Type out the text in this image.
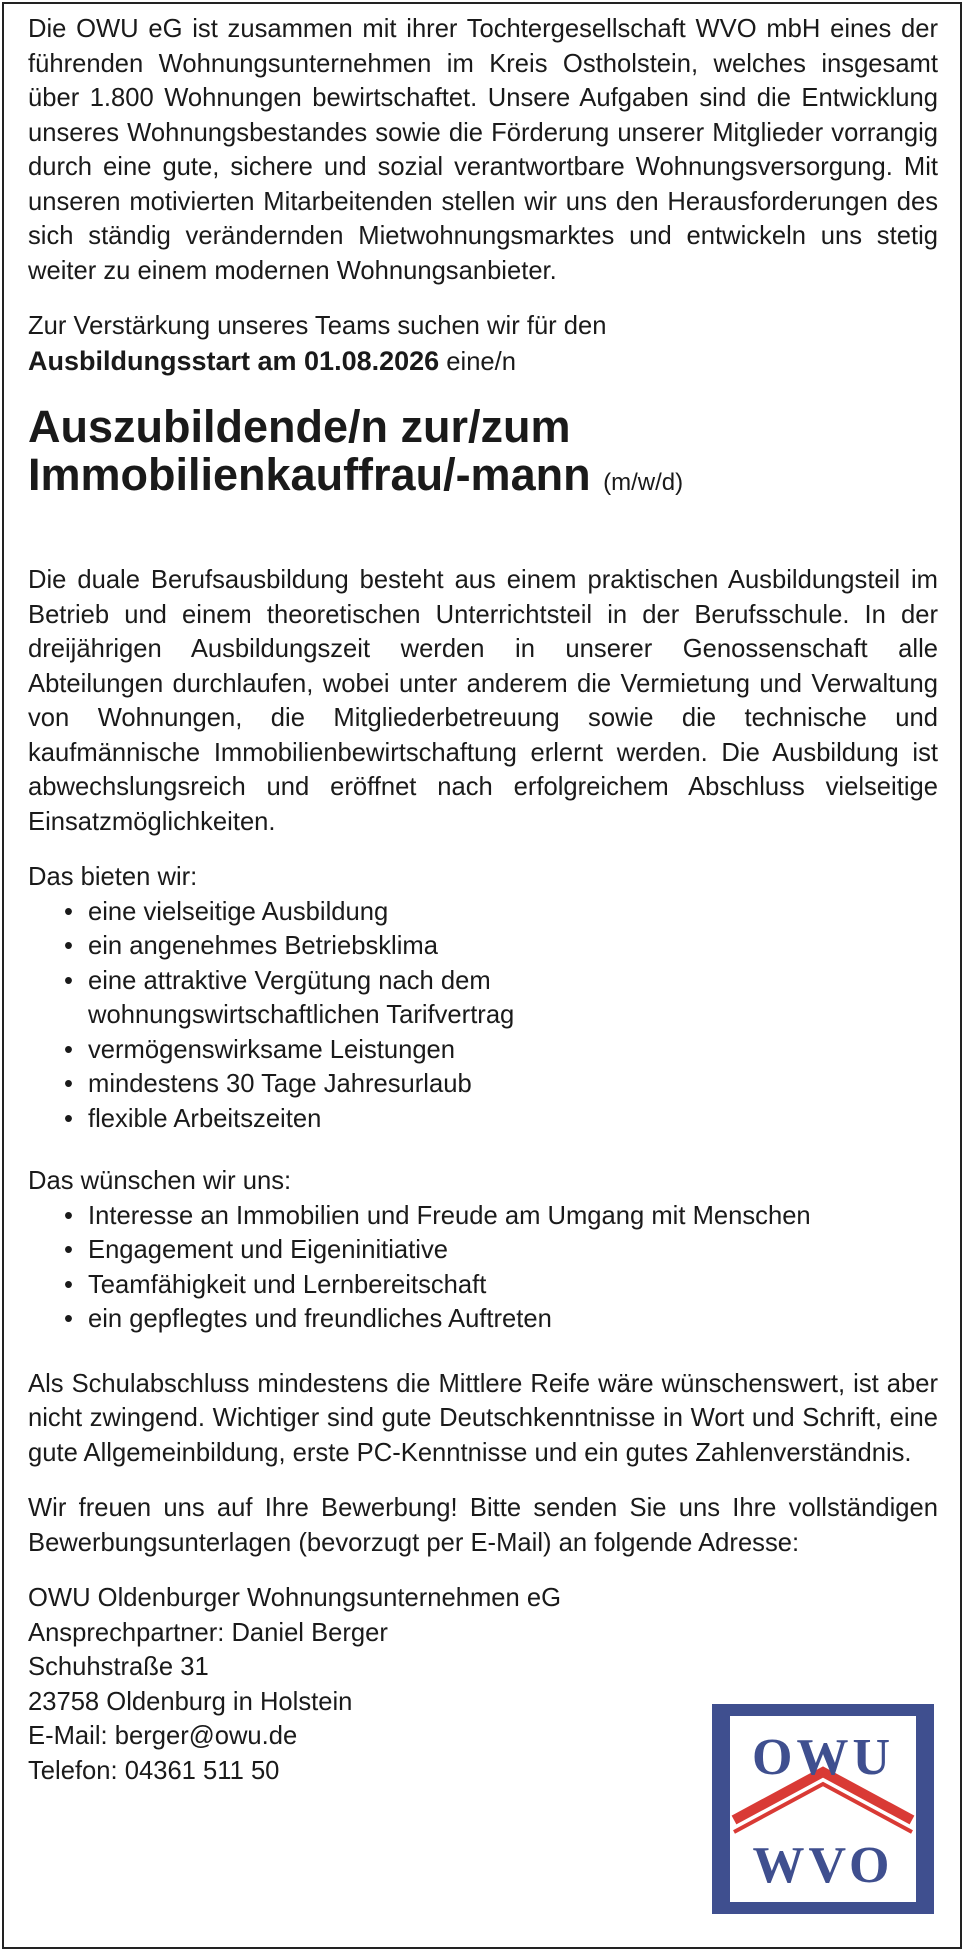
Die OWU eG ist zusammen mit ihrer Tochtergesellschaft WVO mbH eines der führenden Wohnungsunternehmen im Kreis Ostholstein, welches insgesamt über 1.800 Wohnungen bewirtschaftet. Unsere Aufgaben sind die Entwicklung unseres Wohnungsbestandes sowie die Förderung unserer Mitglieder vorrangig durch eine gute, sichere und sozial verantwortbare Wohnungsversorgung. Mit unseren motivierten Mitarbeitenden stellen wir uns den Herausforderungen des sich ständig verändernden Mietwohnungsmarktes und entwickeln uns stetig weiter zu einem modernen Wohnungsanbieter.

Zur Verstärkung unseres Teams suchen wir für den

Ausbildungsstart am 01.08.2026 eine/n

Auszubildende/n zur/zum
Immobilienkauffrau/-mann (m/w/d)

Die duale Berufsausbildung besteht aus einem praktischen Ausbildungsteil im Betrieb und einem theoretischen Unterrichtsteil in der Berufsschule. In der dreijährigen Ausbildungszeit werden in unserer Genossenschaft alle Abteilungen durchlaufen, wobei unter anderem die Vermietung und Verwaltung von Wohnungen, die Mitgliederbetreuung sowie die technische und kaufmännische Immobilienbewirtschaftung erlernt werden. Die Ausbildung ist abwechslungsreich und eröffnet nach erfolgreichem Abschluss vielseitige Einsatzmöglichkeiten.

Das bieten wir:

• eine vielseitige Ausbildung
• ein angenehmes Betriebsklima
• eine attraktive Vergütung nach dem wohnungswirtschaftlichen Tarifvertrag
• vermögenswirksame Leistungen
• mindestens 30 Tage Jahresurlaub
• flexible Arbeitszeiten

Das wünschen wir uns:

• Interesse an Immobilien und Freude am Umgang mit Menschen
• Engagement und Eigeninitiative
• Teamfähigkeit und Lernbereitschaft
• ein gepflegtes und freundliches Auftreten

Als Schulabschluss mindestens die Mittlere Reife wäre wünschenswert, ist aber nicht zwingend. Wichtiger sind gute Deutschkenntnisse in Wort und Schrift, eine gute Allgemeinbildung, erste PC-Kenntnisse und ein gutes Zahlenverständnis.

Wir freuen uns auf Ihre Bewerbung! Bitte senden Sie uns Ihre vollständigen Bewerbungsunterlagen (bevorzugt per E-Mail) an folgende Adresse:

OWU Oldenburger Wohnungsunternehmen eG

Ansprechpartner: Daniel Berger

Schuhstraße 31

23758 Oldenburg in Holstein

E-Mail: berger@owu.de

Telefon: 04361 511 50	OWU
WVO
